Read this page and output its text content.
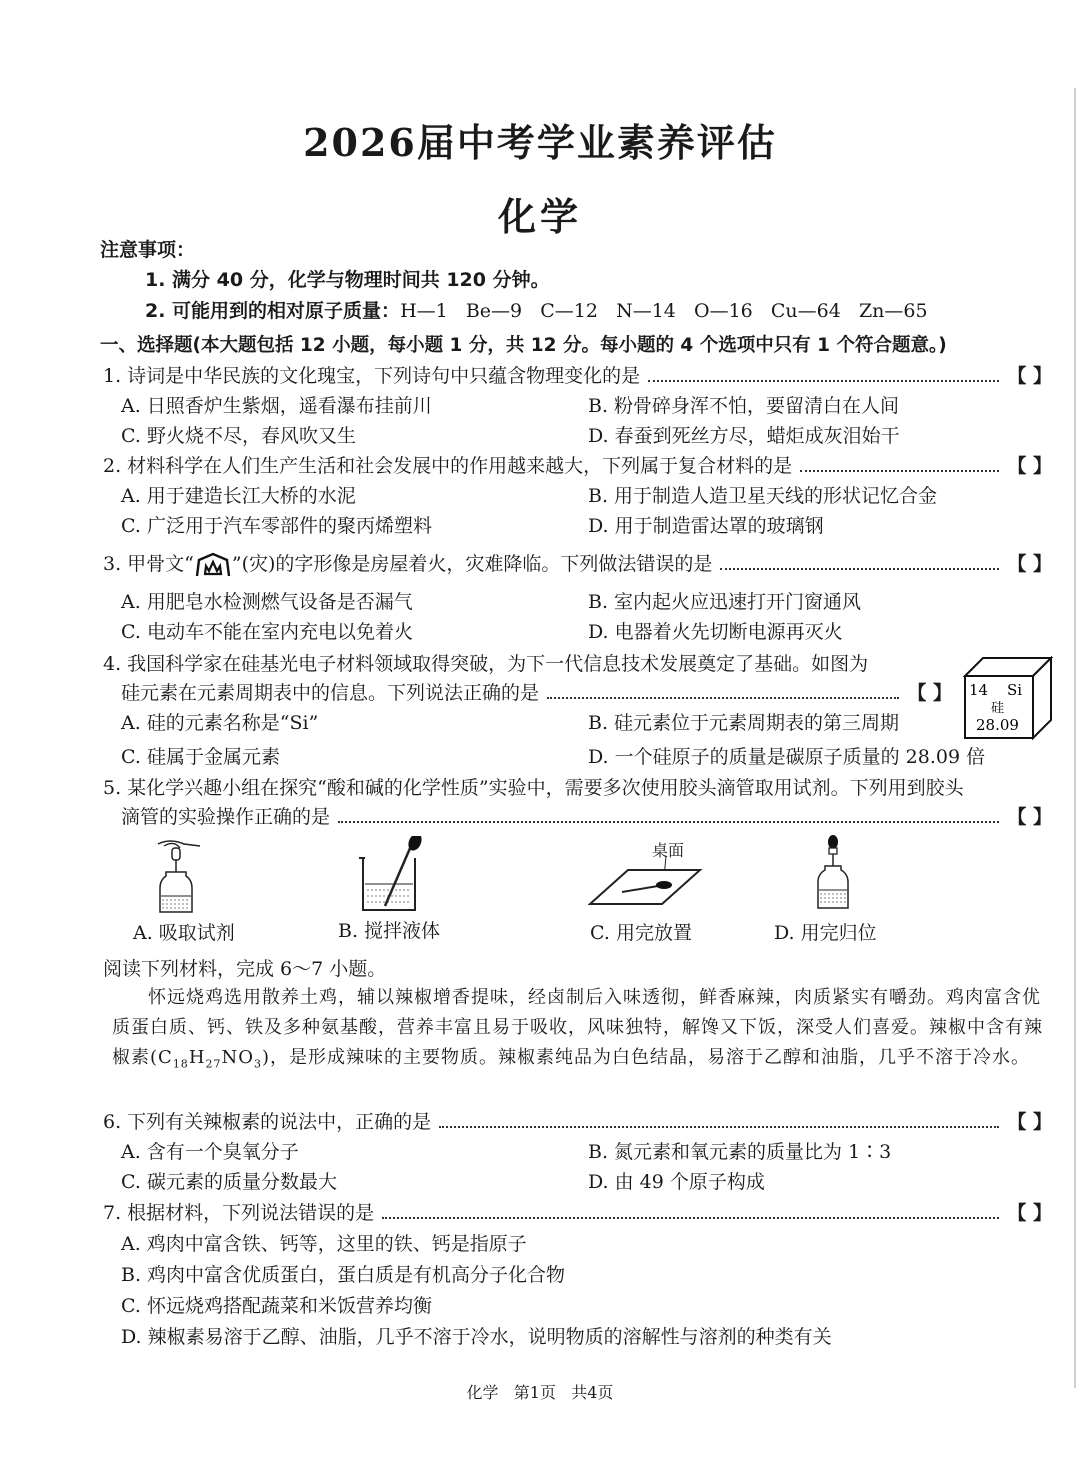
2026届中考学业素养评估
化学
注意事项：
1. 满分 40 分，化学与物理时间共 120 分钟。
2. 可能用到的相对原子质量：H—1   Be—9   C—12   N—14   O—16   Cu—64   Zn—65
一、选择题(本大题包括 12 小题，每小题 1 分，共 12 分。每小题的 4 个选项中只有 1 个符合题意。)
1. 诗词是中华民族的文化瑰宝，下列诗句中只蕴含物理变化的是	【 】
A. 日照香炉生紫烟，遥看瀑布挂前川	B. 粉骨碎身浑不怕，要留清白在人间
C. 野火烧不尽，春风吹又生	D. 春蚕到死丝方尽，蜡炬成灰泪始干
2. 材料科学在人们生产生活和社会发展中的作用越来越大，下列属于复合材料的是	【 】
A. 用于建造长江大桥的水泥	B. 用于制造人造卫星天线的形状记忆合金
C. 广泛用于汽车零部件的聚丙烯塑料	D. 用于制造雷达罩的玻璃钢
3. 甲骨文“ ”(灾)的字形像是房屋着火，灾难降临。下列做法错误的是	【 】
A. 用肥皂水检测燃气设备是否漏气	B. 室内起火应迅速打开门窗通风
C. 电动车不能在室内充电以免着火	D. 电器着火先切断电源再灭火
4. 我国科学家在硅基光电子材料领域取得突破，为下一代信息技术发展奠定了基础。如图为
硅元素在元素周期表中的信息。下列说法正确的是	【 】
A. 硅的元素名称是“Si”	B. 硅元素位于元素周期表的第三周期
C. 硅属于金属元素	D. 一个硅原子的质量是碳原子质量的 28.09 倍
14 Si
硅
28.09
5. 某化学兴趣小组在探究“酸和碱的化学性质”实验中，需要多次使用胶头滴管取用试剂。下列用到胶头
滴管的实验操作正确的是	【 】
A. 吸取试剂	B. 搅拌液体
桌面
C. 用完放置	D. 用完归位
阅读下列材料，完成 6～7 小题。
怀远烧鸡选用散养土鸡，辅以辣椒增香提味，经卤制后入味透彻，鲜香麻辣，肉质紧实有嚼劲。鸡肉富含优质蛋白质、钙、铁及多种氨基酸，营养丰富且易于吸收，风味独特，解馋又下饭，深受人们喜爱。辣椒中含有辣椒素$(C_{18}H_{27}NO_3)$，是形成辣味的主要物质。辣椒素纯品为白色结晶，易溶于乙醇和油脂，几乎不溶于冷水。
6. 下列有关辣椒素的说法中，正确的是	【 】
A. 含有一个臭氧分子	B. 氮元素和氧元素的质量比为 1∶3
C. 碳元素的质量分数最大	D. 由 49 个原子构成
7. 根据材料，下列说法错误的是	【 】
A. 鸡肉中富含铁、钙等，这里的铁、钙是指原子
B. 鸡肉中富含优质蛋白，蛋白质是有机高分子化合物
C. 怀远烧鸡搭配蔬菜和米饭营养均衡
D. 辣椒素易溶于乙醇、油脂，几乎不溶于冷水，说明物质的溶解性与溶剂的种类有关
化学   第1页   共4页
